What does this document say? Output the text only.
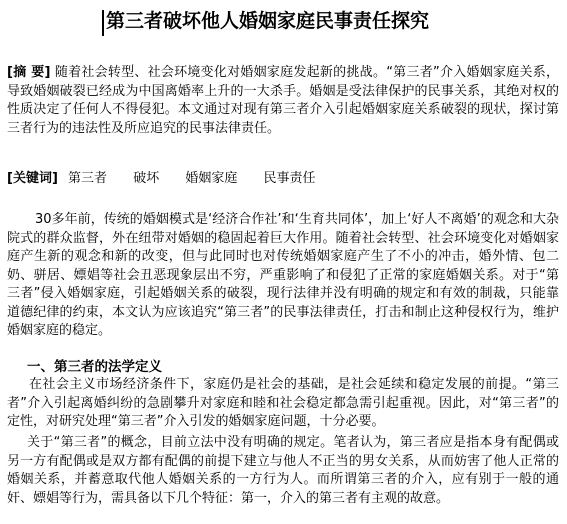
第三者破坏他人婚姻家庭民事责任探究
[摘 要] 随着社会转型、社会环境变化对婚姻家庭发起新的挑战。“第三者”介入婚姻家庭关系，导致婚姻破裂已经成为中国离婚率上升的一大杀手。婚姻是受法律保护的民事关系，其绝对权的性质决定了任何人不得侵犯。本文通过对现有第三者介入引起婚姻家庭关系破裂的现状，探讨第三者行为的违法性及所应追究的民事法律责任。
[关键词] 第三者 破坏 婚姻家庭 民事责任
30多年前，传统的婚姻模式是‘经济合作社’和‘生育共同体’，加上‘好人不离婚’的观念和大杂院式的群众监督，外在纽带对婚姻的稳固起着巨大作用。随着社会转型、社会环境变化对婚姻家庭产生新的观念和新的改变，但与此同时也对传统婚姻家庭产生了不小的冲击，婚外情、包二奶、骈居、嫖娼等社会丑恶现象层出不穷，严重影响了和侵犯了正常的家庭婚姻关系。对于“第三者”侵入婚姻家庭，引起婚姻关系的破裂，现行法律并没有明确的规定和有效的制裁，只能靠道德纪律的约束，本文认为应该追究“第三者”的民事法律责任，打击和制止这种侵权行为，维护婚姻家庭的稳定。
一、第三者的法学定义
在社会主义市场经济条件下，家庭仍是社会的基础，是社会延续和稳定发展的前提。“第三者”介入引起离婚纠纷的急剧攀升对家庭和睦和社会稳定都急需引起重视。因此，对“第三者”的定性，对研究处理“第三者”介入引发的婚姻家庭问题，十分必要。
关于“第三者”的概念，目前立法中没有明确的规定。笔者认为，第三者应是指本身有配偶或另一方有配偶或是双方都有配偶的前提下建立与他人不正当的男女关系，从而妨害了他人正常的婚姻关系，并蓄意取代他人婚姻关系的一方行为人。而所谓第三者的介入，应有别于一般的通奸、嫖娼等行为，需具备以下几个特征：第一，介入的第三者有主观的故意。
